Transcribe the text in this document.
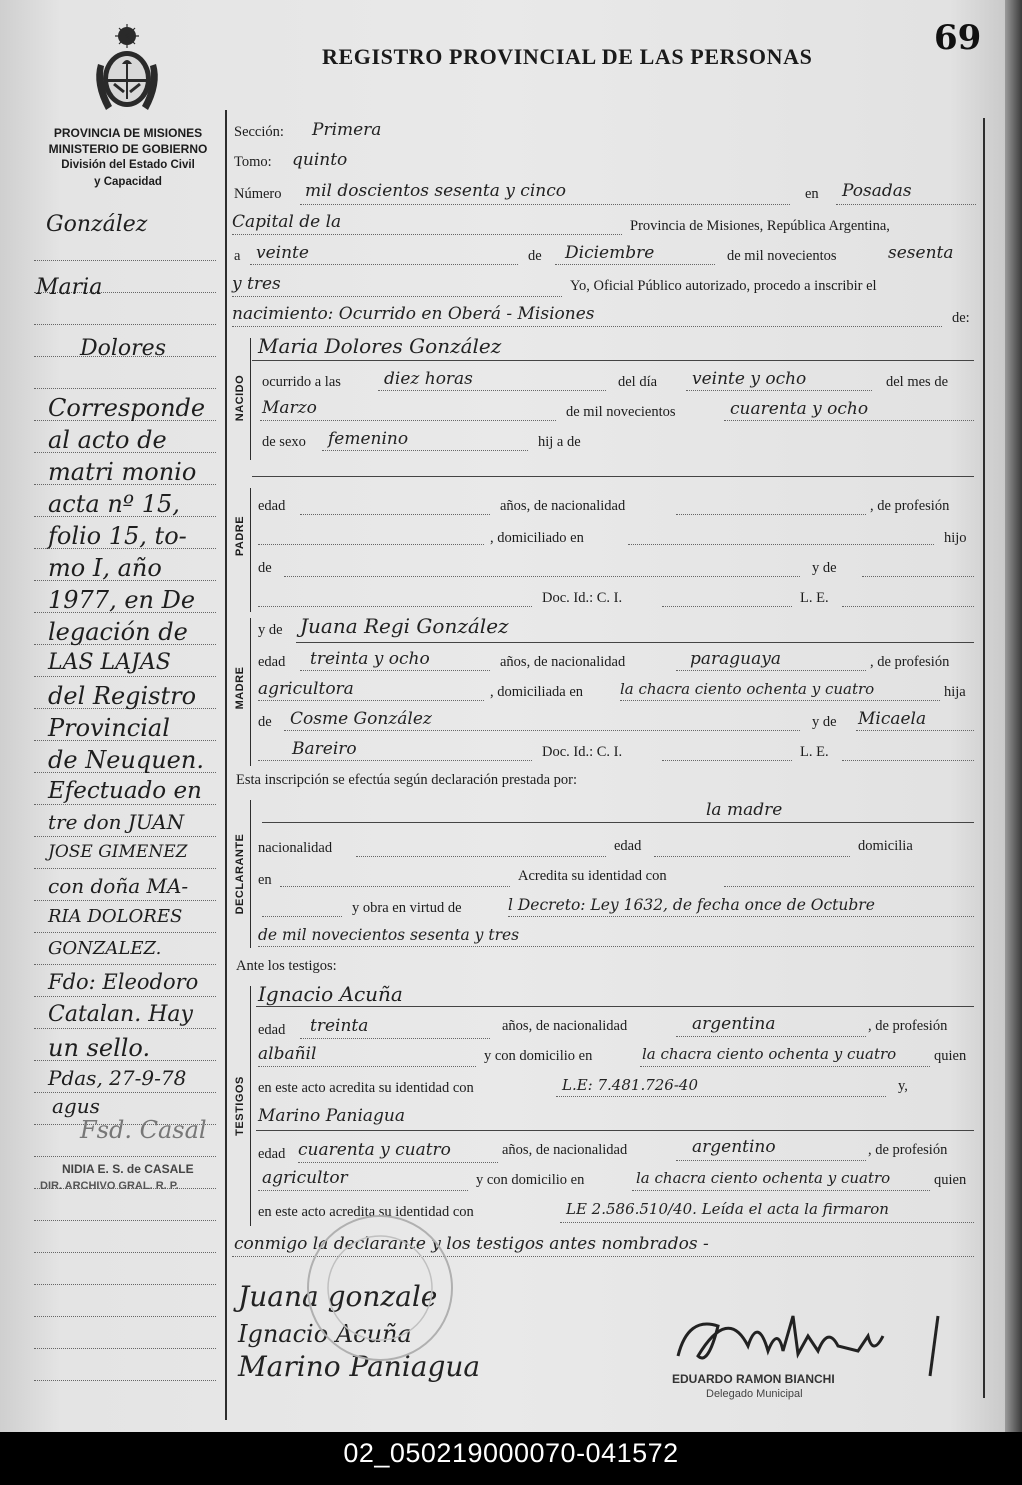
REGISTRO PROVINCIAL DE LAS PERSONAS	69
PROVINCIA DE MISIONES
MINISTERIO DE GOBIERNO
División del Estado Civil
y Capacidad
González
Maria
Dolores
Corresponde
al acto de
matri monio
acta nº 15,
folio 15, to-
mo I, año
1977, en De
legación de
LAS LAJAS
del Registro
Provincial
de Neuquen.
Efectuado en
tre don JUAN
JOSE GIMENEZ
con doña MA-
RIA DOLORES
GONZALEZ.
Fdo: Eleodoro
Catalan. Hay
un sello.
Pdas, 27-9-78
agus
Fsd. Casal
NIDIA E. S. de CASALE
DIR. ARCHIVO GRAL. R. P.
Sección: Primera
Tomo: quinto
Número mil doscientos sesenta y cinco	en Posadas
Capital de la	Provincia de Misiones, República Argentina,
a veinte	de Diciembre	de mil novecientos	sesenta
y tres	Yo, Oficial Público autorizado, procedo a inscribir el
nacimiento: Ocurrido en Oberá - Misiones	de:
NACIDO
Maria Dolores González
ocurrido a las	diez horas	del día veinte y ocho	del mes de
Marzo	de mil novecientos	cuarenta y ocho
de sexo femenino	hij a de
PADRE
edad	años, de nacionalidad	, de profesión
, domiciliado en	hijo
de	y de
Doc. Id.: C. I.	L. E.
MADRE
y de Juana Regi González
edad treinta y ocho	años, de nacionalidad	paraguaya	, de profesión
agricultora	, domiciliada en la chacra ciento ochenta y cuatro	hija
de Cosme González	y de Micaela
Bareiro	Doc. Id.: C. I.	L. E.
Esta inscripción se efectúa según declaración prestada por:
DECLARANTE
la madre
nacionalidad	edad	domicilia
en	Acredita su identidad con
y obra en virtud de	l Decreto: Ley 1632, de fecha once de Octubre
de mil novecientos sesenta y tres
Ante los testigos:
TESTIGOS
Ignacio Acuña
edad treinta	años, de nacionalidad	argentina	, de profesión
albañil	y con domicilio en	la chacra ciento ochenta y cuatro	quien
en este acto acredita su identidad con	L.E: 7.481.726-40	y,
Marino Paniagua
edad cuarenta y cuatro	años, de nacionalidad	argentino	, de profesión
agricultor	y con domicilio en	la chacra ciento ochenta y cuatro	quien
en este acto acredita su identidad con	LE 2.586.510/40. Leída el acta la firmaron
conmigo la declarante y los testigos antes nombrados -
Juana gonzale
Ignacio Acuña
Marino Paniagua	EDUARDO RAMON BIANCHI
Delegado Municipal
02_050219000070-041572
